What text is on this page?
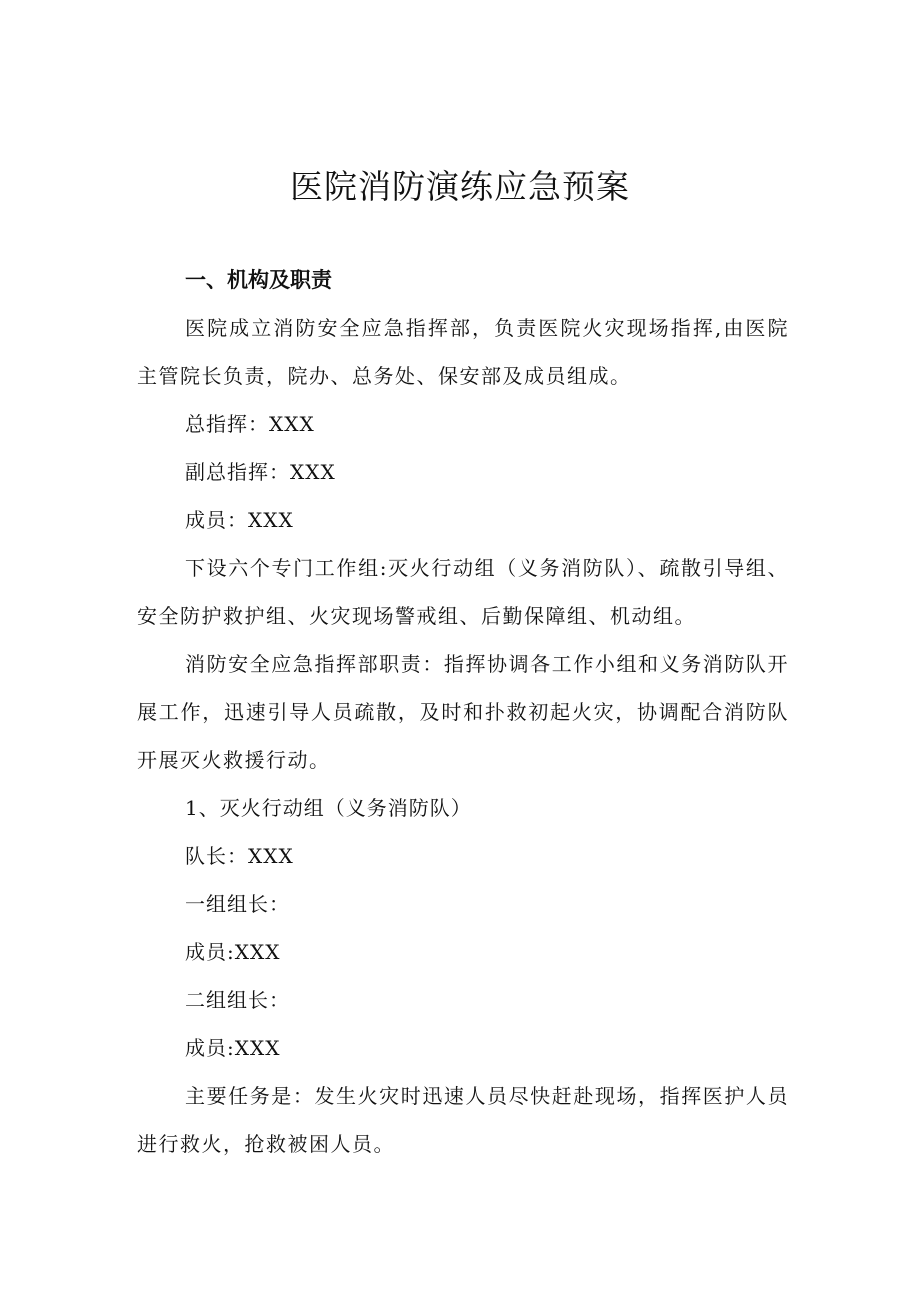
医院消防演练应急预案

一、机构及职责

医院成立消防安全应急指挥部，负责医院火灾现场指挥,由医院主管院长负责，院办、总务处、保安部及成员组成。

总指挥：XXX

副总指挥：XXX

成员：XXX

下设六个专门工作组:灭火行动组（义务消防队）、疏散引导组、安全防护救护组、火灾现场警戒组、后勤保障组、机动组。

消防安全应急指挥部职责：指挥协调各工作小组和义务消防队开展工作，迅速引导人员疏散，及时和扑救初起火灾，协调配合消防队开展灭火救援行动。

1、灭火行动组（义务消防队）

队长：XXX

一组组长：

成员:XXX

二组组长：

成员:XXX

主要任务是：发生火灾时迅速人员尽快赶赴现场，指挥医护人员进行救火，抢救被困人员。
